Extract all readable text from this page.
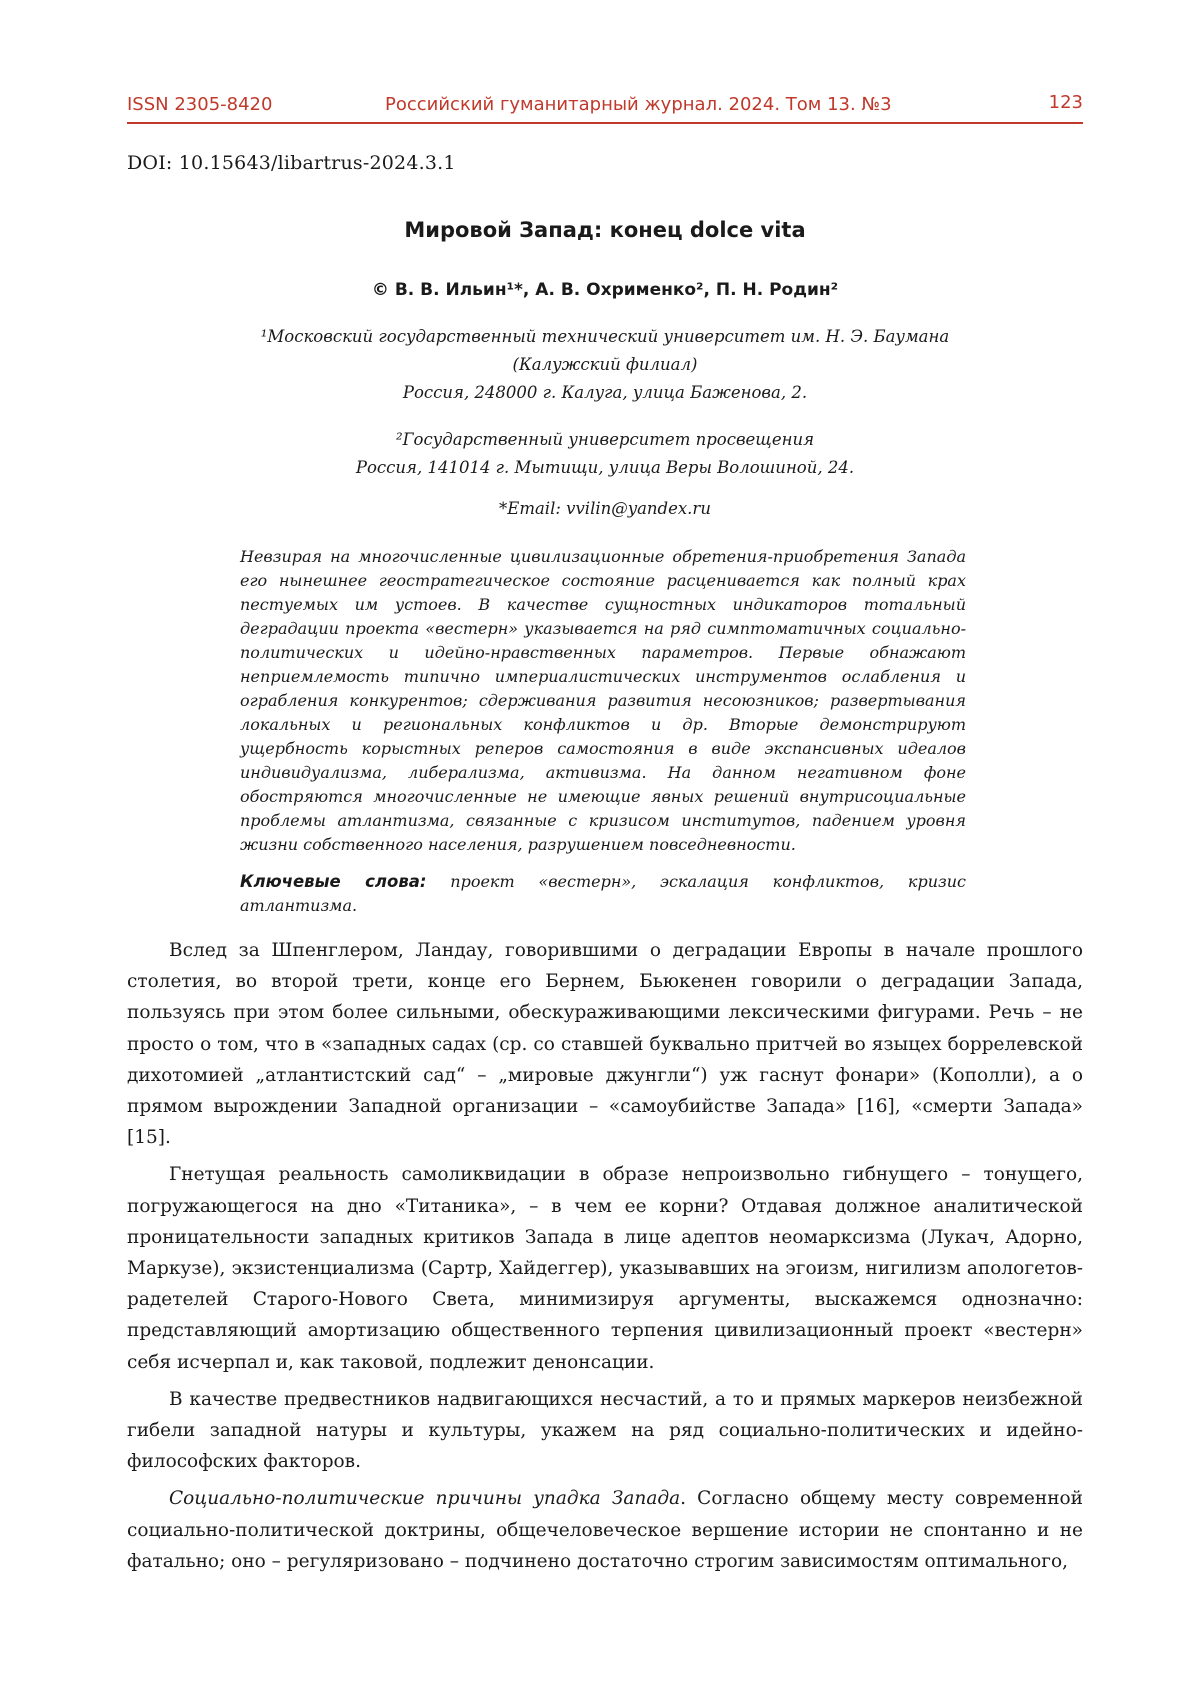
ISSN 2305-8420	Российский гуманитарный журнал. 2024. Том 13. №3	123
DOI: 10.15643/libartrus-2024.3.1
Мировой Запад: конец dolce vita
© В. В. Ильин¹*, А. В. Охрименко², П. Н. Родин²
¹Московский государственный технический университет им. Н. Э. Баумана
(Калужский филиал)
Россия, 248000 г. Калуга, улица Баженова, 2.
²Государственный университет просвещения
Россия, 141014 г. Мытищи, улица Веры Волошиной, 24.
*Email: vvilin@yandex.ru
Невзирая на многочисленные цивилизационные обретения-приобретения Запада его нынешнее геостратегическое состояние расценивается как полный крах пестуемых им устоев. В качестве сущностных индикаторов тотальный деградации проекта «вестерн» указывается на ряд симптоматичных социально-политических и идейно-нравственных параметров. Первые обнажают неприемлемость типично империалистических инструментов ослабления и ограбления конкурентов; сдерживания развития несоюзников; развертывания локальных и региональных конфликтов и др. Вторые демонстрируют ущербность корыстных реперов самостояния в виде экспансивных идеалов индивидуализма, либерализма, активизма. На данном негативном фоне обостряются многочисленные не имеющие явных решений внутрисоциальные проблемы атлантизма, связанные с кризисом институтов, падением уровня жизни собственного населения, разрушением повседневности.
Ключевые слова: проект «вестерн», эскалация конфликтов, кризис атлантизма.

Вслед за Шпенглером, Ландау, говорившими о деградации Европы в начале прошлого столетия, во второй трети, конце его Бернем, Бьюкенен говорили о деградации Запада, пользуясь при этом более сильными, обескураживающими лексическими фигурами. Речь – не просто о том, что в «западных садах (ср. со ставшей буквально притчей во языцех боррелевской дихотомией „атлантистский сад“ – „мировые джунгли“) уж гаснут фонари» (Кополли), а о прямом вырождении Западной организации – «самоубийстве Запада» [16], «смерти Запада» [15].

Гнетущая реальность самоликвидации в образе непроизвольно гибнущего – тонущего, погружающегося на дно «Титаника», – в чем ее корни? Отдавая должное аналитической проницательности западных критиков Запада в лице адептов неомарксизма (Лукач, Адорно, Маркузе), экзистенциализма (Сартр, Хайдеггер), указывавших на эгоизм, нигилизм апологетов-радетелей Старого-Нового Света, минимизируя аргументы, выскажемся однозначно: представляющий амортизацию общественного терпения цивилизационный проект «вестерн» себя исчерпал и, как таковой, подлежит денонсации.

В качестве предвестников надвигающихся несчастий, а то и прямых маркеров неизбежной гибели западной натуры и культуры, укажем на ряд социально-политических и идейно-философских факторов.

Социально-политические причины упадка Запада. Согласно общему месту современной социально-политической доктрины, общечеловеческое вершение истории не спонтанно и не фатально; оно – регуляризовано – подчинено достаточно строгим зависимостям оптимального,
